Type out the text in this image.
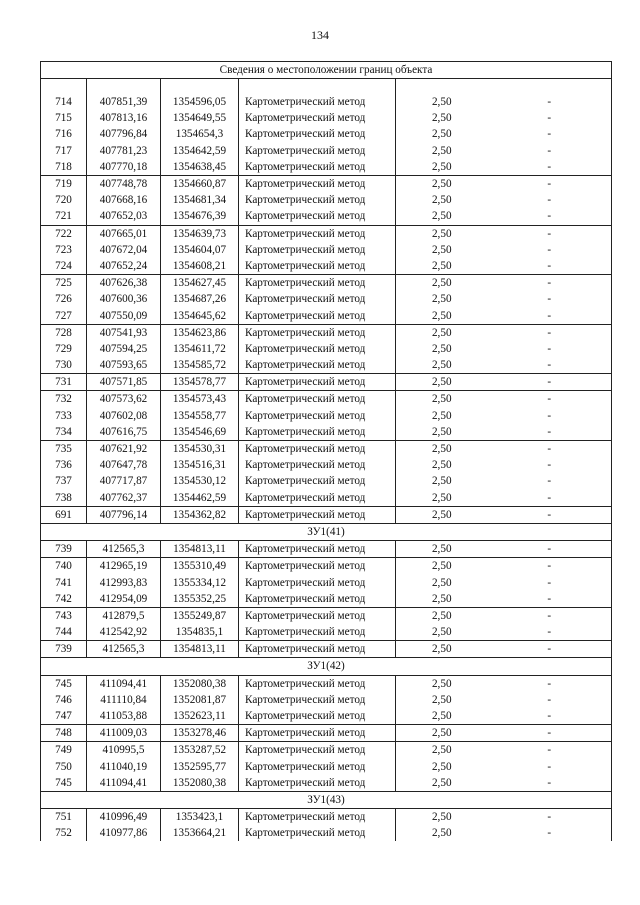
134
Сведения о местоположении границ объекта					

714	407851,39	1354596,05	Картометрический метод	2,50	-
715	407813,16	1354649,55	Картометрический метод	2,50	-
716	407796,84	1354654,3	Картометрический метод	2,50	-
717	407781,23	1354642,59	Картометрический метод	2,50	-
718	407770,18	1354638,45	Картометрический метод	2,50	-
719	407748,78	1354660,87	Картометрический метод	2,50	-
720	407668,16	1354681,34	Картометрический метод	2,50	-
721	407652,03	1354676,39	Картометрический метод	2,50	-
722	407665,01	1354639,73	Картометрический метод	2,50	-
723	407672,04	1354604,07	Картометрический метод	2,50	-
724	407652,24	1354608,21	Картометрический метод	2,50	-
725	407626,38	1354627,45	Картометрический метод	2,50	-
726	407600,36	1354687,26	Картометрический метод	2,50	-
727	407550,09	1354645,62	Картометрический метод	2,50	-
728	407541,93	1354623,86	Картометрический метод	2,50	-
729	407594,25	1354611,72	Картометрический метод	2,50	-
730	407593,65	1354585,72	Картометрический метод	2,50	-
731	407571,85	1354578,77	Картометрический метод	2,50	-
732	407573,62	1354573,43	Картометрический метод	2,50	-
733	407602,08	1354558,77	Картометрический метод	2,50	-
734	407616,75	1354546,69	Картометрический метод	2,50	-
735	407621,92	1354530,31	Картометрический метод	2,50	-
736	407647,78	1354516,31	Картометрический метод	2,50	-
737	407717,87	1354530,12	Картометрический метод	2,50	-
738	407762,37	1354462,59	Картометрический метод	2,50	-
691	407796,14	1354362,82	Картометрический метод	2,50	-
ЗУ1(41)					
739	412565,3	1354813,11	Картометрический метод	2,50	-
740	412965,19	1355310,49	Картометрический метод	2,50	-
741	412993,83	1355334,12	Картометрический метод	2,50	-
742	412954,09	1355352,25	Картометрический метод	2,50	-
743	412879,5	1355249,87	Картометрический метод	2,50	-
744	412542,92	1354835,1	Картометрический метод	2,50	-
739	412565,3	1354813,11	Картометрический метод	2,50	-
ЗУ1(42)					
745	411094,41	1352080,38	Картометрический метод	2,50	-
746	411110,84	1352081,87	Картометрический метод	2,50	-
747	411053,88	1352623,11	Картометрический метод	2,50	-
748	411009,03	1353278,46	Картометрический метод	2,50	-
749	410995,5	1353287,52	Картометрический метод	2,50	-
750	411040,19	1352595,77	Картометрический метод	2,50	-
745	411094,41	1352080,38	Картометрический метод	2,50	-
ЗУ1(43)					
751	410996,49	1353423,1	Картометрический метод	2,50	-
752	410977,86	1353664,21	Картометрический метод	2,50	-
